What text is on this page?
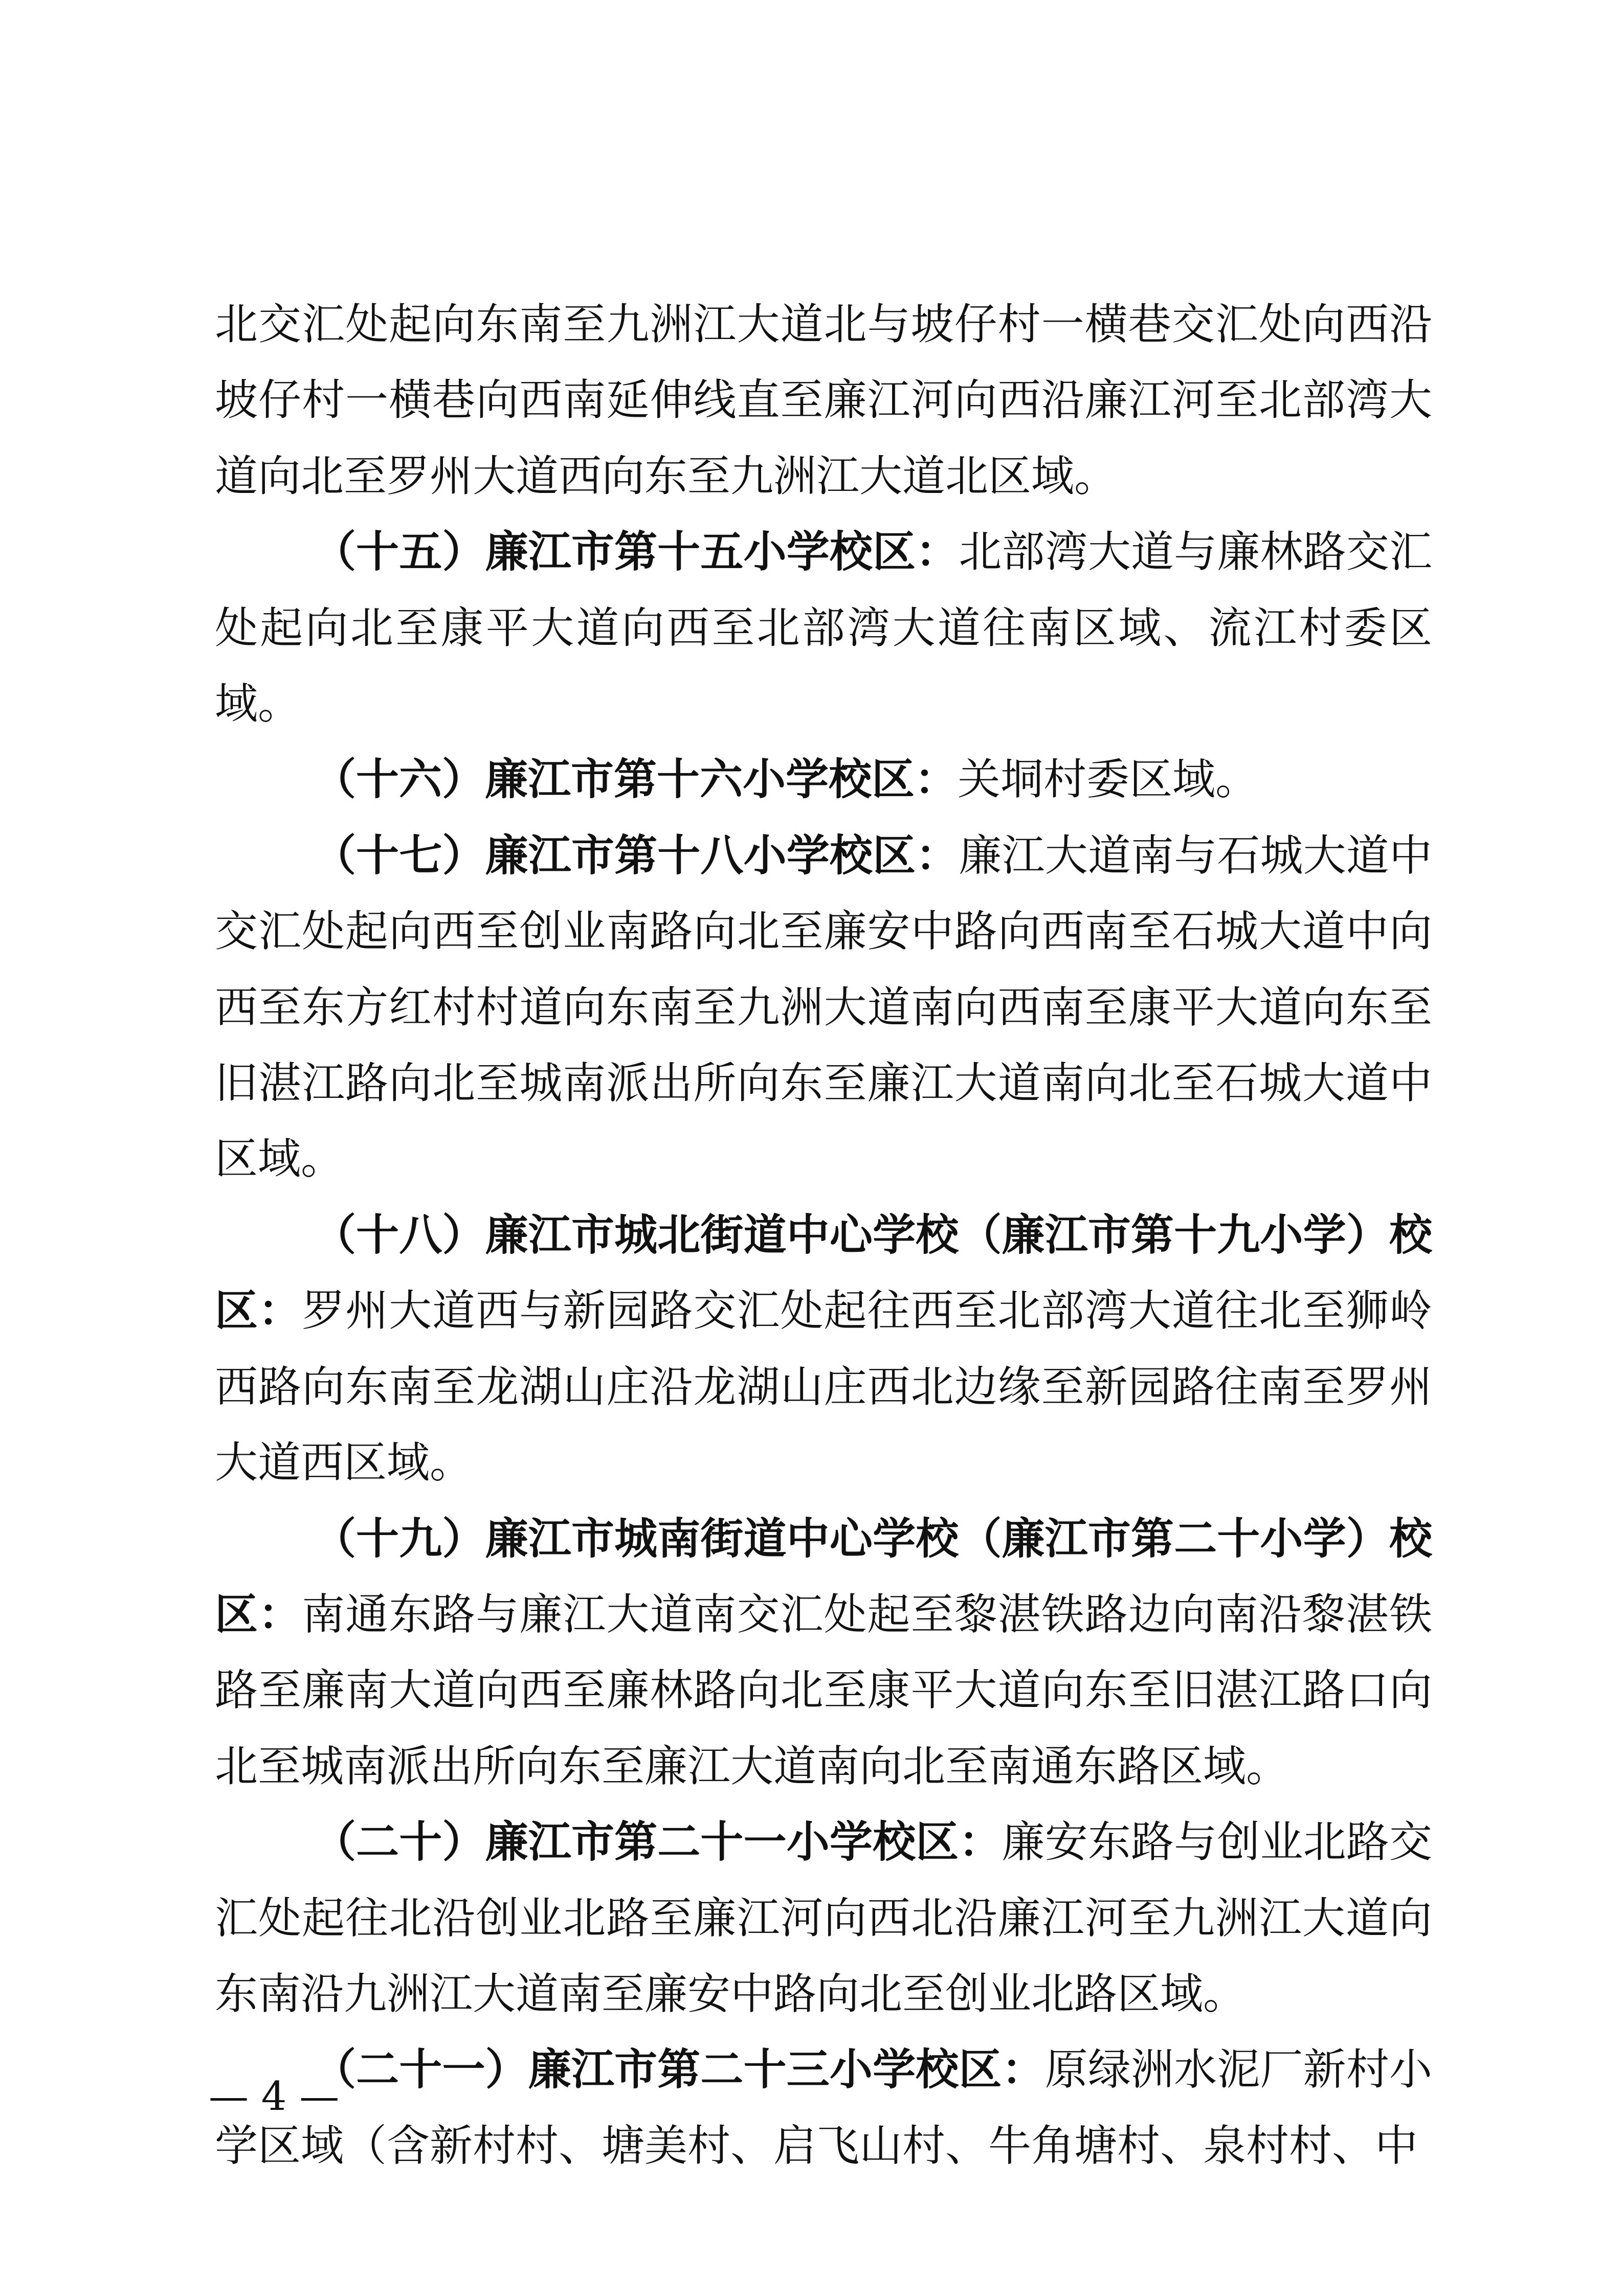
北交汇处起向东南至九洲江大道北与坡仔村一横巷交汇处向西沿坡仔村一横巷向西南延伸线直至廉江河向西沿廉江河至北部湾大道向北至罗州大道西向东至九洲江大道北区域。

（十五）廉江市第十五小学校区：北部湾大道与廉林路交汇处起向北至康平大道向西至北部湾大道往南区域、流江村委区域。

（十六）廉江市第十六小学校区：关垌村委区域。

（十七）廉江市第十八小学校区：廉江大道南与石城大道中交汇处起向西至创业南路向北至廉安中路向西南至石城大道中向西至东方红村村道向东南至九洲大道南向西南至康平大道向东至旧湛江路向北至城南派出所向东至廉江大道南向北至石城大道中区域。

（十八）廉江市城北街道中心学校（廉江市第十九小学）校区：罗州大道西与新园路交汇处起往西至北部湾大道往北至狮岭西路向东南至龙湖山庄沿龙湖山庄西北边缘至新园路往南至罗州大道西区域。

（十九）廉江市城南街道中心学校（廉江市第二十小学）校区：南通东路与廉江大道南交汇处起至黎湛铁路边向南沿黎湛铁路至廉南大道向西至廉林路向北至康平大道向东至旧湛江路口向北至城南派出所向东至廉江大道南向北至南通东路区域。

（二十）廉江市第二十一小学校区：廉安东路与创业北路交汇处起往北沿创业北路至廉江河向西北沿廉江河至九洲江大道向东南沿九洲江大道南至廉安中路向北至创业北路区域。

（二十一）廉江市第二十三小学校区：原绿洲水泥厂新村小学区域（含新村村、塘美村、启飞山村、牛角塘村、泉村村、中

— 4 —
